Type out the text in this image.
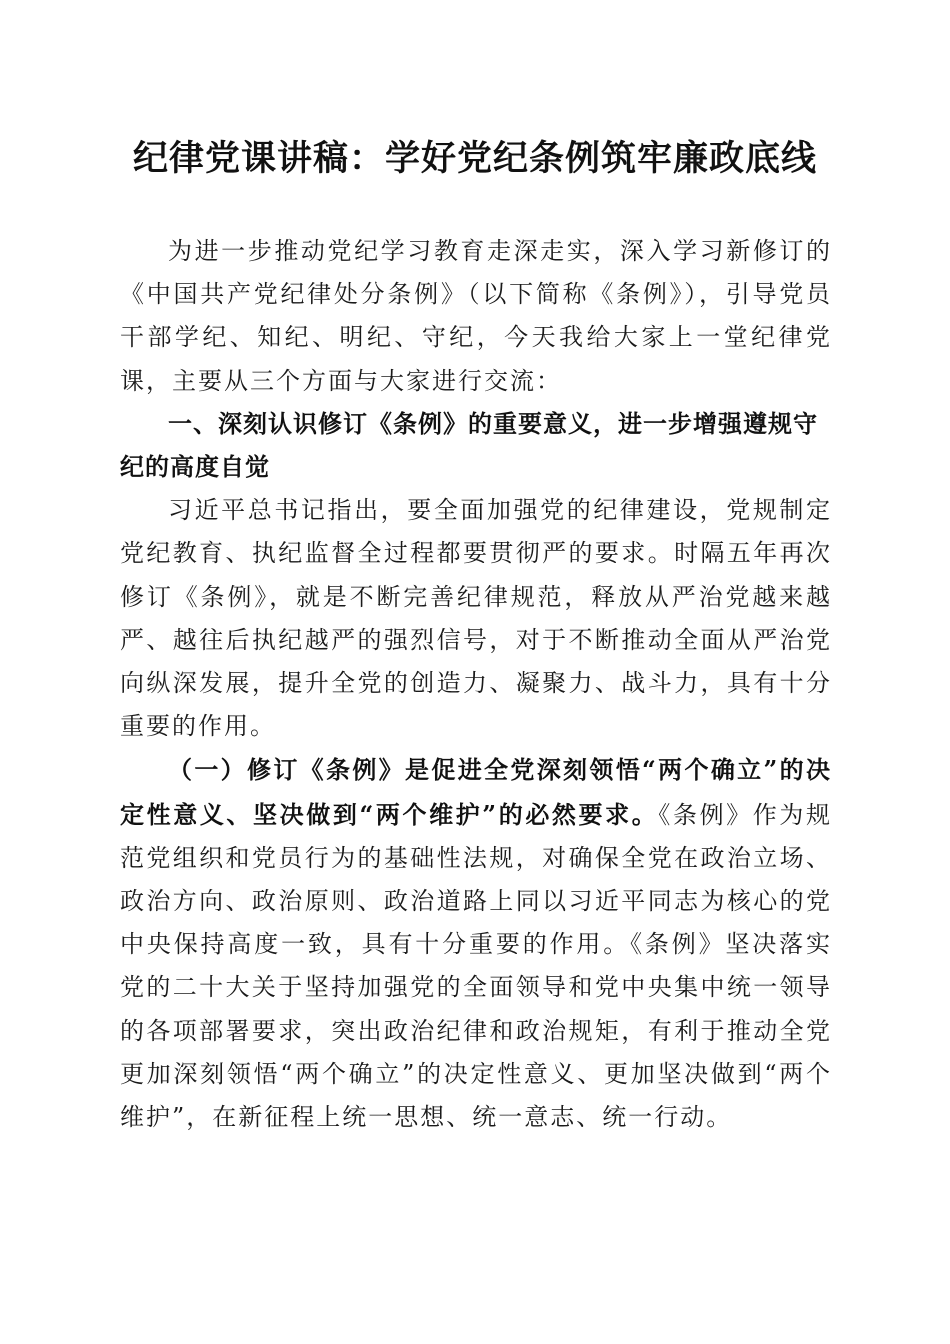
纪律党课讲稿：学好党纪条例筑牢廉政底线

为进一步推动党纪学习教育走深走实，深入学习新修订的《中国共产党纪律处分条例》（以下简称《条例》），引导党员干部学纪、知纪、明纪、守纪，今天我给大家上一堂纪律党课，主要从三个方面与大家进行交流：

一、深刻认识修订《条例》的重要意义，进一步增强遵规守纪的高度自觉

习近平总书记指出，要全面加强党的纪律建设，党规制定党纪教育、执纪监督全过程都要贯彻严的要求。时隔五年再次修订《条例》，就是不断完善纪律规范，释放从严治党越来越严、越往后执纪越严的强烈信号，对于不断推动全面从严治党向纵深发展，提升全党的创造力、凝聚力、战斗力，具有十分重要的作用。

（一）修订《条例》是促进全党深刻领悟“两个确立”的决定性意义、坚决做到“两个维护”的必然要求。《条例》作为规范党组织和党员行为的基础性法规，对确保全党在政治立场、政治方向、政治原则、政治道路上同以习近平同志为核心的党中央保持高度一致，具有十分重要的作用。《条例》坚决落实党的二十大关于坚持加强党的全面领导和党中央集中统一领导的各项部署要求，突出政治纪律和政治规矩，有利于推动全党更加深刻领悟“两个确立”的决定性意义、更加坚决做到“两个维护”，在新征程上统一思想、统一意志、统一行动。
